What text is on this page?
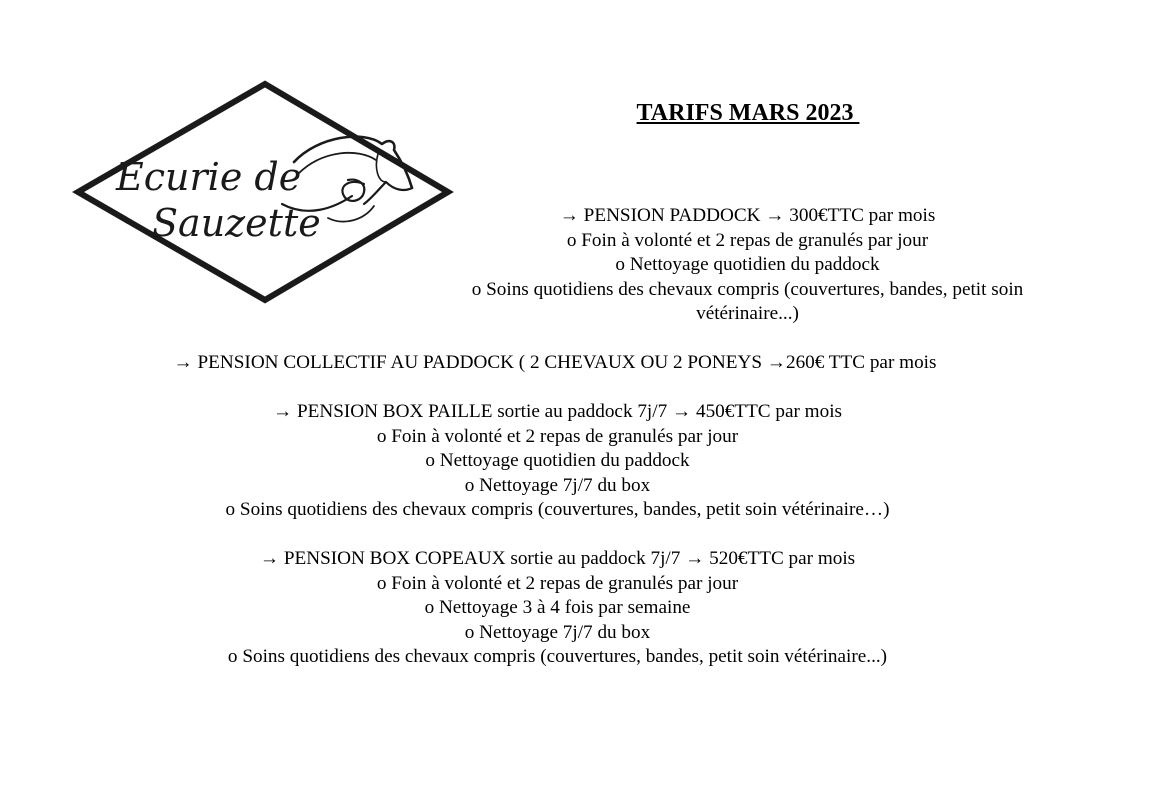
Ecurie de
Sauzette
TARIFS MARS 2023
→ PENSION PADDOCK → 300€TTC par mois
o Foin à volonté et 2 repas de granulés par jour
o Nettoyage quotidien du paddock
o Soins quotidiens des chevaux compris (couvertures, bandes, petit soin vétérinaire...)
→ PENSION COLLECTIF AU PADDOCK ( 2 CHEVAUX OU 2 PONEYS →260€ TTC par mois
→ PENSION BOX PAILLE sortie au paddock 7j/7 → 450€TTC par mois
o Foin à volonté et 2 repas de granulés par jour
o Nettoyage quotidien du paddock
o Nettoyage 7j/7 du box
o Soins quotidiens des chevaux compris (couvertures, bandes, petit soin vétérinaire…)
→ PENSION BOX COPEAUX sortie au paddock 7j/7 → 520€TTC par mois
o Foin à volonté et 2 repas de granulés par jour
o Nettoyage 3 à 4 fois par semaine
o Nettoyage 7j/7 du box
o Soins quotidiens des chevaux compris (couvertures, bandes, petit soin vétérinaire...)
